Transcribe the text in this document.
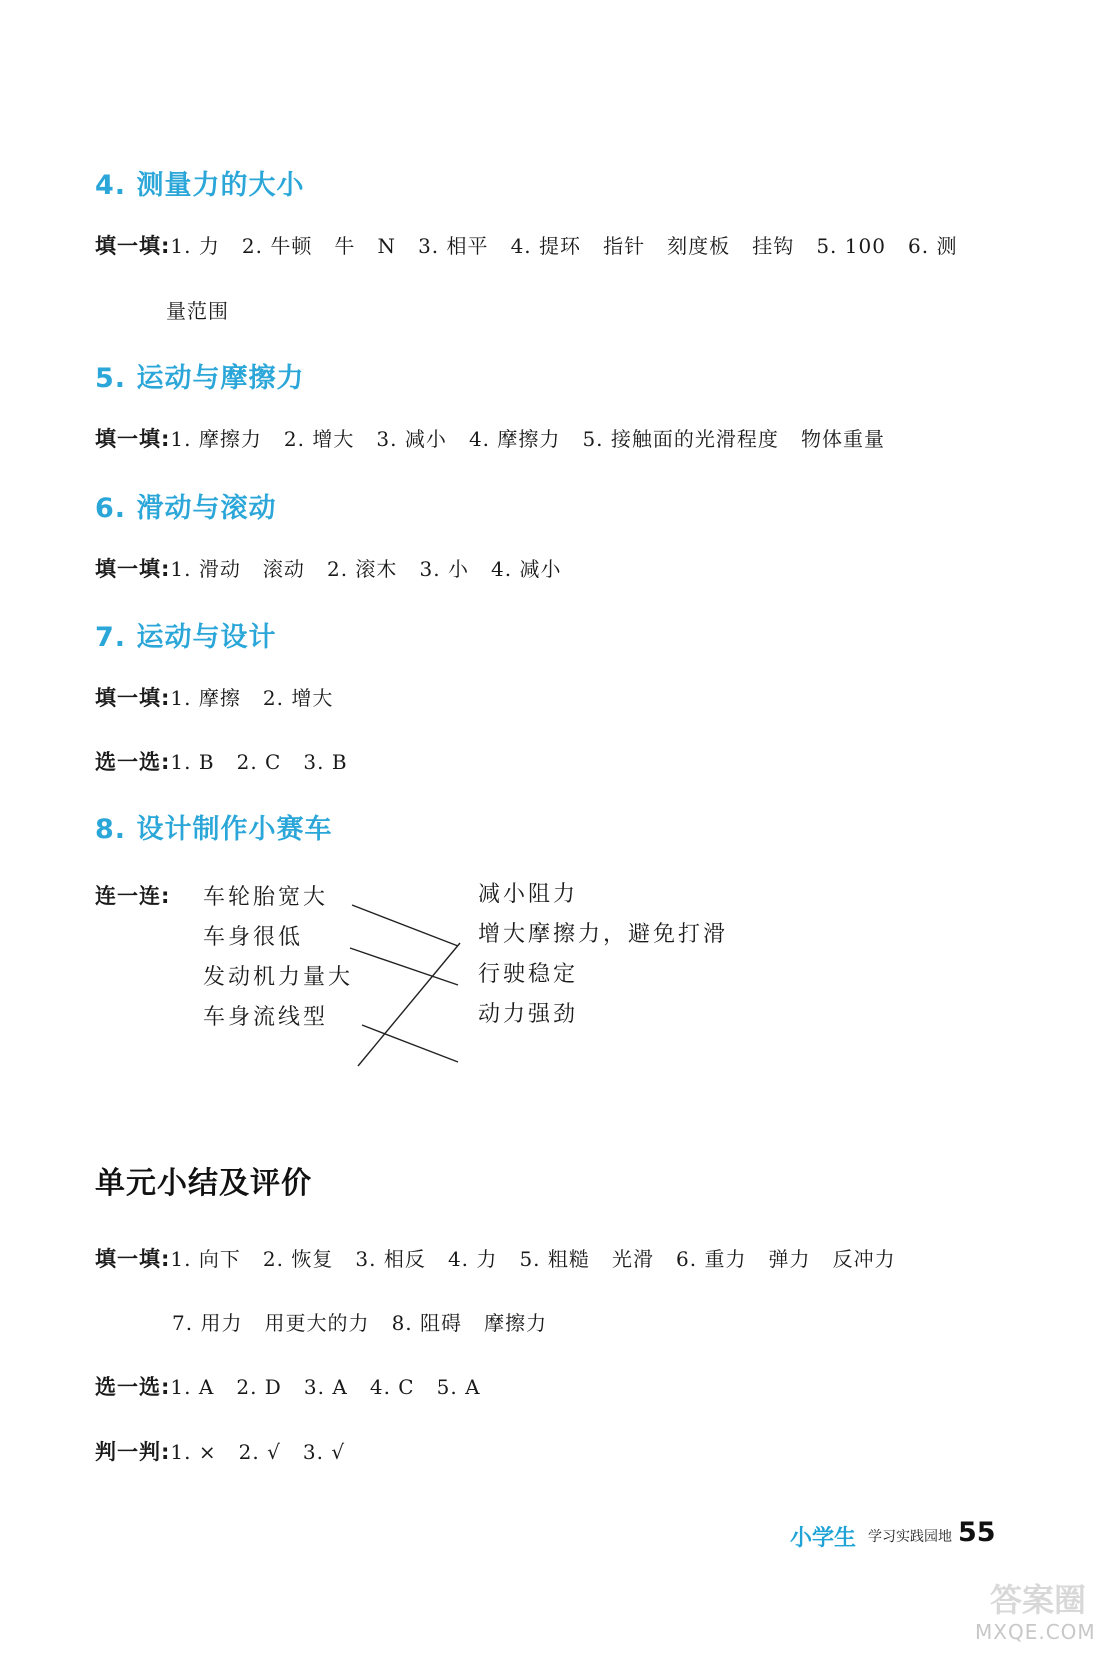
4. 测量力的大小
填一填:1. 力   2. 牛顿   牛   N   3. 相平   4. 提环   指针   刻度板   挂钩   5. 100   6. 测
量范围
5. 运动与摩擦力
填一填:1. 摩擦力   2. 增大   3. 减小   4. 摩擦力   5. 接触面的光滑程度   物体重量
6. 滑动与滚动
填一填:1. 滑动   滚动   2. 滚木   3. 小   4. 减小
7. 运动与设计
填一填:1. 摩擦   2. 增大
选一选:1. B   2. C   3. B
8. 设计制作小赛车
连一连: 车轮胎宽大
车身很低
发动机力量大
车身流线型
减小阻力
增大摩擦力，避免打滑
行驶稳定
动力强劲
单元小结及评价
填一填:1. 向下   2. 恢复   3. 相反   4. 力   5. 粗糙   光滑   6. 重力   弹力   反冲力
7. 用力   用更大的力   8. 阻碍   摩擦力
选一选:1. A   2. D   3. A   4. C   5. A
判一判:1. ×   2. √   3. √
小学生 学习实践园地 55
答案圈
MXQE.COM
